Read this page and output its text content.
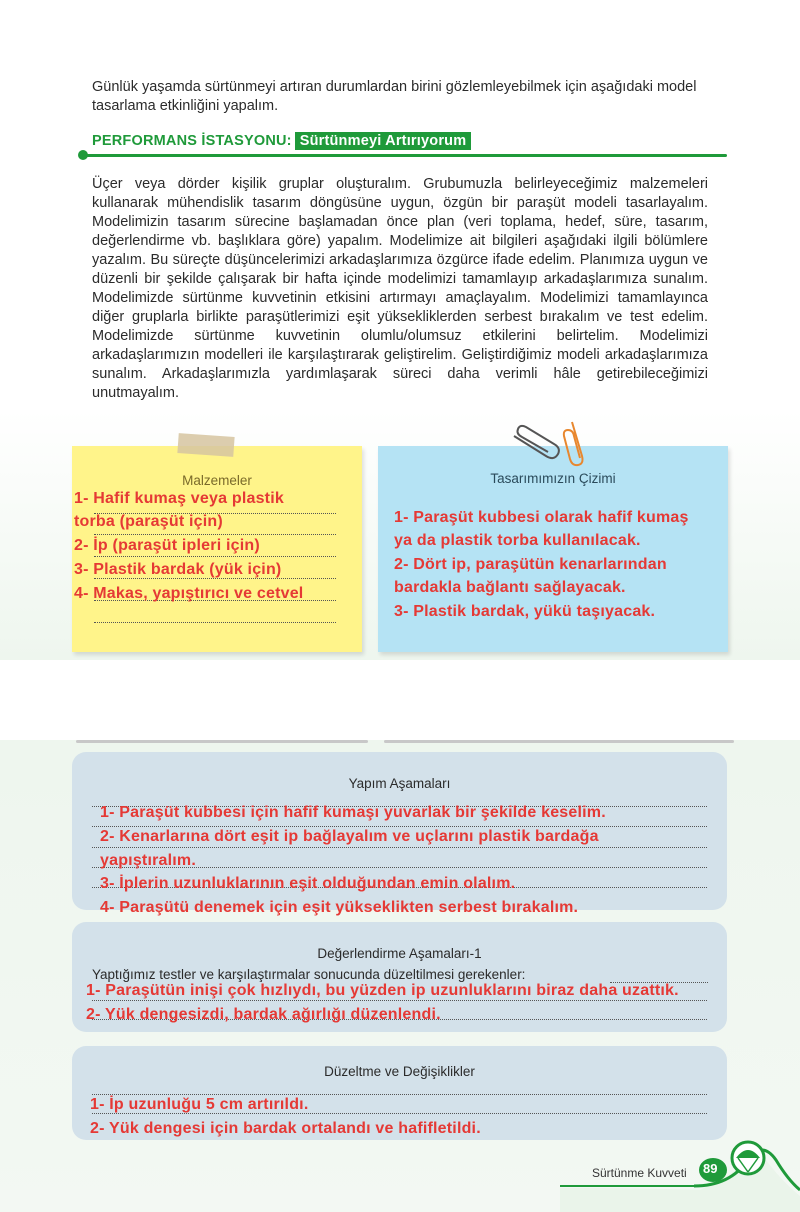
Günlük yaşamda sürtünmeyi artıran durumlardan birini gözlemleyebilmek için aşağıdaki model tasarlama etkinliğini yapalım.

PERFORMANS İSTASYONU: Sürtünmeyi Artırıyorum

Üçer veya dörder kişilik gruplar oluşturalım. Grubumuzla belirleyeceğimiz malzemeleri kullanarak mühendislik tasarım döngüsüne uygun, özgün bir paraşüt modeli tasarlayalım. Modelimizin tasarım sürecine başlamadan önce plan (veri toplama, hedef, süre, tasarım, değerlendirme vb. başlıklara göre) yapalım. Modelimize ait bilgileri aşağıdaki ilgili bölümlere yazalım. Bu süreçte düşüncelerimizi arkadaşlarımıza özgürce ifade edelim. Planımıza uygun ve düzenli bir şekilde çalışarak bir hafta içinde modelimizi tamamlayıp arkadaşlarımıza sunalım. Modelimizde sürtünme kuvvetinin etkisini artırmayı amaçlayalım. Modelimizi tamamlayınca diğer gruplarla birlikte paraşütlerimizi eşit yüksekliklerden serbest bırakalım ve test edelim. Modelimizde sürtünme kuvvetinin olumlu/olumsuz etkilerini belirtelim. Modelimizi arkadaşlarımızın modelleri ile karşılaştırarak geliştirelim. Geliştirdiğimiz modeli arkadaşlarımıza sunalım. Arkadaşlarımızla yardımlaşarak süreci daha verimli hâle getirebileceğimizi unutmayalım.

Malzemeler
1- Hafif kumaş veya plastik
torba (paraşüt için)
2- İp (paraşüt ipleri için)
3- Plastik bardak (yük için)
4- Makas, yapıştırıcı ve cetvel
Tasarımımızın Çizimi
1- Paraşüt kubbesi olarak hafif kumaş
ya da plastik torba kullanılacak.
2- Dört ip, paraşütün kenarlarından
bardakla bağlantı sağlayacak.
3- Plastik bardak, yükü taşıyacak.
Yapım Aşamaları
1- Paraşüt kubbesi için hafif kumaşı yuvarlak bir şekilde keselim.
2- Kenarlarına dört eşit ip bağlayalım ve uçlarını plastik bardağa
yapıştıralım.
3- İplerin uzunluklarının eşit olduğundan emin olalım.
4- Paraşütü denemek için eşit yükseklikten serbest bırakalım.
Değerlendirme Aşamaları-1
Yaptığımız testler ve karşılaştırmalar sonucunda düzeltilmesi gerekenler:
1- Paraşütün inişi çok hızlıydı, bu yüzden ip uzunluklarını biraz daha uzattık.
2- Yük dengesizdi, bardak ağırlığı düzenlendi.
Düzeltme ve Değişiklikler
1- İp uzunluğu 5 cm artırıldı.
2- Yük dengesi için bardak ortalandı ve hafifletildi.
Sürtünme Kuvveti 89
